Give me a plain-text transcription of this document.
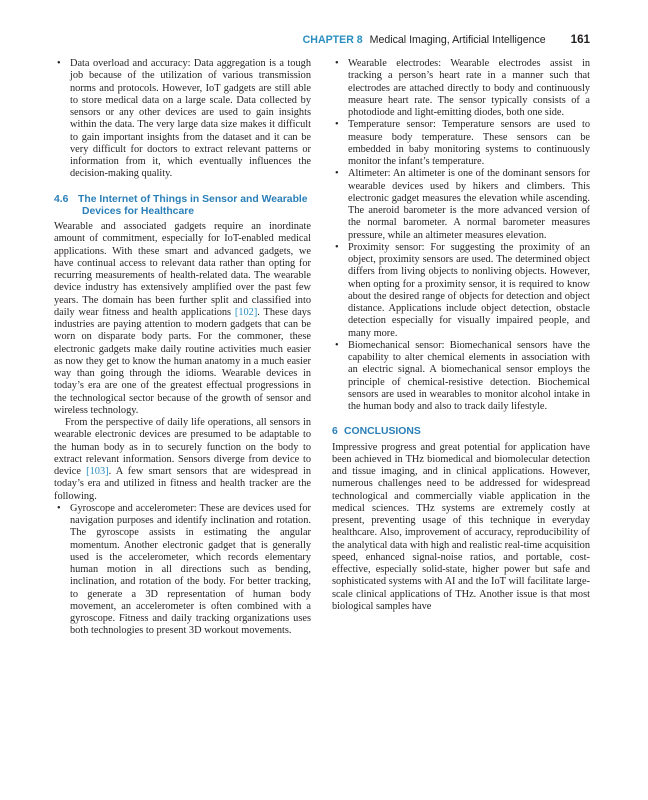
CHAPTER 8 Medical Imaging, Artificial Intelligence 161

• Data overload and accuracy: Data aggregation is a tough job because of the utilization of various transmission norms and protocols. However, IoT gadgets are still able to store medical data on a large scale. Data collected by sensors or any other devices are used to gain insights within the data. The very large data size makes it difficult to gain important insights from the dataset and it can be very difficult for doctors to extract relevant patterns or information from it, which eventually influences the decision-making quality.

4.6 The Internet of Things in Sensor and Wearable Devices for Healthcare

Wearable and associated gadgets require an inordinate amount of commitment, especially for IoT-enabled medical applications. With these smart and advanced gadgets, we have continual access to relevant data rather than opting for recurring measurements of health-related data. The wearable device industry has extensively amplified over the past few years. The domain has been further split and classified into daily wear fitness and health applications [102]. These days industries are paying attention to modern gadgets that can be worn on disparate body parts. For the commoner, these electronic gadgets make daily routine activities much easier as now they get to know the human anatomy in a much easier way than going through the idioms. Wearable devices in today’s era are one of the greatest effectual progressions in the technological sector because of the growth of sensor and wireless technology.

From the perspective of daily life operations, all sensors in wearable electronic devices are presumed to be adaptable to the human body as in to securely function on the body to extract relevant information. Sensors diverge from device to device [103]. A few smart sensors that are widespread in today’s era and utilized in fitness and health tracker are the following.

• Gyroscope and accelerometer: These are devices used for navigation purposes and identify inclination and rotation. The gyroscope assists in estimating the angular momentum. Another electronic gadget that is generally used is the accelerometer, which records elementary human motion in all directions such as bending, inclination, and rotation of the body. For better tracking, to generate a 3D representation of human body movement, an accelerometer is often combined with a gyroscope. Fitness and daily tracking organizations uses both technologies to present 3D workout movements.

• Wearable electrodes: Wearable electrodes assist in tracking a person’s heart rate in a manner such that electrodes are attached directly to body and continuously measure heart rate. The sensor typically consists of a photodiode and light-emitting diodes, both one side.

• Temperature sensor: Temperature sensors are used to measure body temperature. These sensors can be embedded in baby monitoring systems to continuously monitor the infant’s temperature.

• Altimeter: An altimeter is one of the dominant sensors for wearable devices used by hikers and climbers. This electronic gadget measures the elevation while ascending. The aneroid barometer is the more advanced version of the normal barometer. A normal barometer measures pressure, while an altimeter measures elevation.

• Proximity sensor: For suggesting the proximity of an object, proximity sensors are used. The determined object differs from living objects to nonliving objects. However, when opting for a proximity sensor, it is required to know about the desired range of objects for detection and object distance. Applications include object detection, obstacle detection especially for visually impaired people, and many more.

• Biomechanical sensor: Biomechanical sensors have the capability to alter chemical elements in association with an electric signal. A biomechanical sensor employs the principle of chemical-resistive detection. Biochemical sensors are used in wearables to monitor alcohol intake in the human body and also to track daily lifestyle.

6 CONCLUSIONS

Impressive progress and great potential for application have been achieved in THz biomedical and biomolecular detection and tissue imaging, and in clinical applications. However, numerous challenges need to be addressed for widespread technological and commercially viable application in the medical sciences. THz systems are extremely costly at present, preventing usage of this technique in everyday healthcare. Also, improvement of accuracy, reproducibility of the analytical data with high and realistic real-time acquisition speed, enhanced signal-noise ratios, and portable, cost-effective, especially solid-state, higher power but safe and sophisticated systems with AI and the IoT will facilitate large-scale clinical applications of THz. Another issue is that most biological samples have
